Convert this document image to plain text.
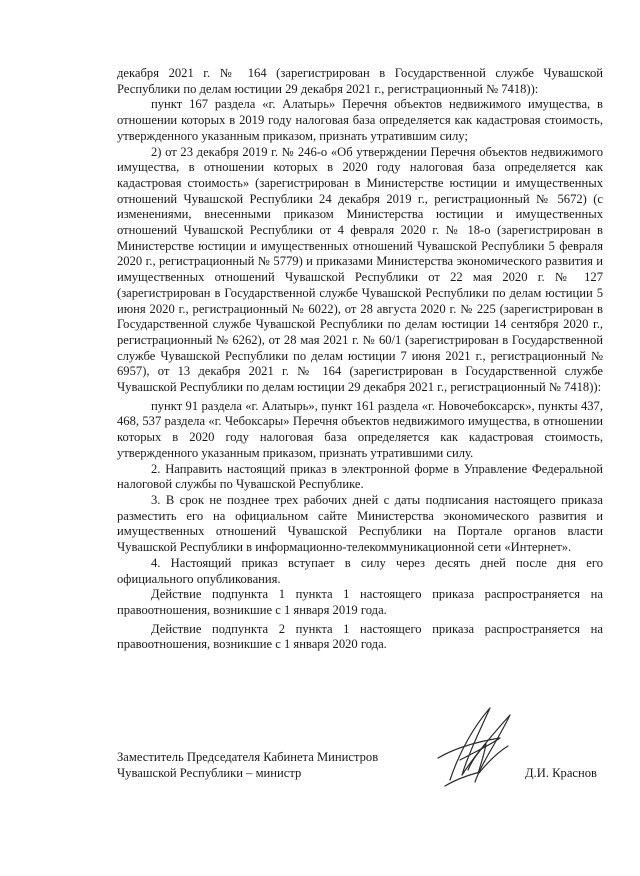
декабря 2021 г. № 164 (зарегистрирован в Государственной службе Чувашской Республики по делам юстиции 29 декабря 2021 г., регистрационный № 7418)):

пункт 167 раздела «г. Алатырь» Перечня объектов недвижимого имущества, в отношении которых в 2019 году налоговая база определяется как кадастровая стоимость, утвержденного указанным приказом, признать утратившим силу;

2) от 23 декабря 2019 г. № 246-о «Об утверждении Перечня объектов недвижимого имущества, в отношении которых в 2020 году налоговая база определяется как кадастровая стоимость» (зарегистрирован в Министерстве юстиции и имущественных отношений Чувашской Республики 24 декабря 2019 г., регистрационный № 5672) (с изменениями, внесенными приказом Министерства юстиции и имущественных отношений Чувашской Республики от 4 февраля 2020 г. № 18-о (зарегистрирован в Министерстве юстиции и имущественных отношений Чувашской Республики 5 февраля 2020 г., регистрационный № 5779) и приказами Министерства экономического развития и имущественных отношений Чувашской Республики от 22 мая 2020 г. № 127 (зарегистрирован в Государственной службе Чувашской Республики по делам юстиции 5 июня 2020 г., регистрационный № 6022), от 28 августа 2020 г. № 225 (зарегистрирован в Государственной службе Чувашской Республики по делам юстиции 14 сентября 2020 г., регистрационный № 6262), от 28 мая 2021 г. № 60/1 (зарегистрирован в Государственной службе Чувашской Республики по делам юстиции 7 июня 2021 г., регистрационный № 6957), от 13 декабря 2021 г. № 164 (зарегистрирован в Государственной службе Чувашской Республики по делам юстиции 29 декабря 2021 г., регистрационный № 7418)):

пункт 91 раздела «г. Алатырь», пункт 161 раздела «г. Новочебоксарск», пункты 437, 468, 537 раздела «г. Чебоксары» Перечня объектов недвижимого имущества, в отношении которых в 2020 году налоговая база определяется как кадастровая стоимость, утвержденного указанным приказом, признать утратившими силу.

2. Направить настоящий приказ в электронной форме в Управление Федеральной налоговой службы по Чувашской Республике.

3. В срок не позднее трех рабочих дней с даты подписания настоящего приказа разместить его на официальном сайте Министерства экономического развития и имущественных отношений Чувашской Республики на Портале органов власти Чувашской Республики в информационно-телекоммуникационной сети «Интернет».

4. Настоящий приказ вступает в силу через десять дней после дня его официального опубликования.

Действие подпункта 1 пункта 1 настоящего приказа распространяется на правоотношения, возникшие с 1 января 2019 года.

Действие подпункта 2 пункта 1 настоящего приказа распространяется на правоотношения, возникшие с 1 января 2020 года.

Заместитель Председателя Кабинета Министров
Чувашской Республики – министр	Д.И. Краснов
